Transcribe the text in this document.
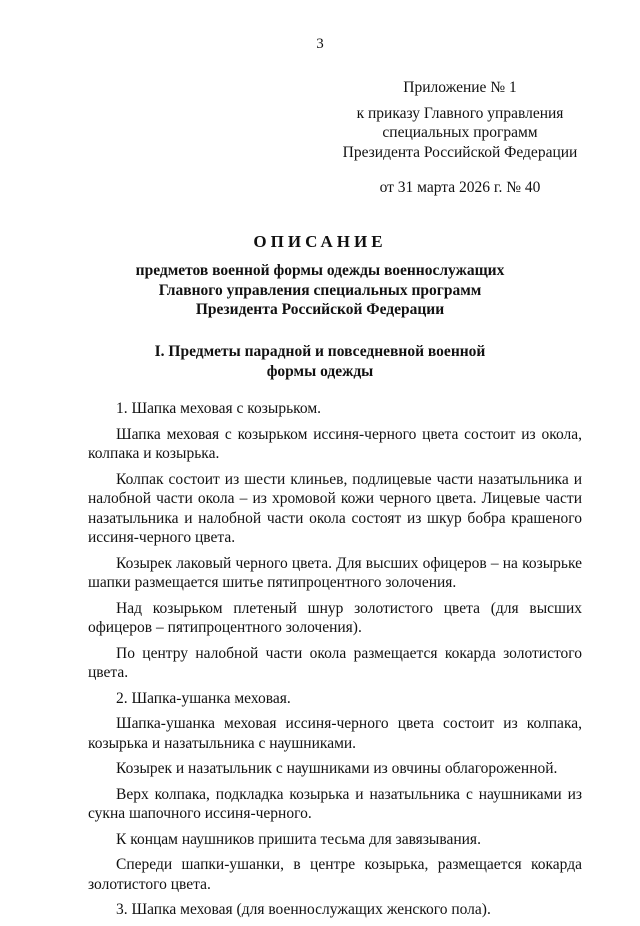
3
Приложение № 1
к приказу Главного управления
специальных программ
Президента Российской Федерации
от 31 марта 2026 г. № 40
ОПИСАНИЕ
предметов военной формы одежды военнослужащих
Главного управления специальных программ
Президента Российской Федерации
I. Предметы парадной и повседневной военной
формы одежды

1. Шапка меховая с козырьком.

Шапка меховая с козырьком иссиня-черного цвета состоит из окола, колпака и козырька.

Колпак состоит из шести клиньев, подлицевые части назатыльника и налобной части окола – из хромовой кожи черного цвета. Лицевые части назатыльника и налобной части окола состоят из шкур бобра крашеного иссиня-черного цвета.

Козырек лаковый черного цвета. Для высших офицеров – на козырьке шапки размещается шитье пятипроцентного золочения.

Над козырьком плетеный шнур золотистого цвета (для высших офицеров – пятипроцентного золочения).

По центру налобной части окола размещается кокарда золотистого цвета.

2. Шапка-ушанка меховая.

Шапка-ушанка меховая иссиня-черного цвета состоит из колпака, козырька и назатыльника с наушниками.

Козырек и назатыльник с наушниками из овчины облагороженной.

Верх колпака, подкладка козырька и назатыльника с наушниками из сукна шапочного иссиня-черного.

К концам наушников пришита тесьма для завязывания.

Спереди шапки-ушанки, в центре козырька, размещается кокарда золотистого цвета.

3. Шапка меховая (для военнослужащих женского пола).
